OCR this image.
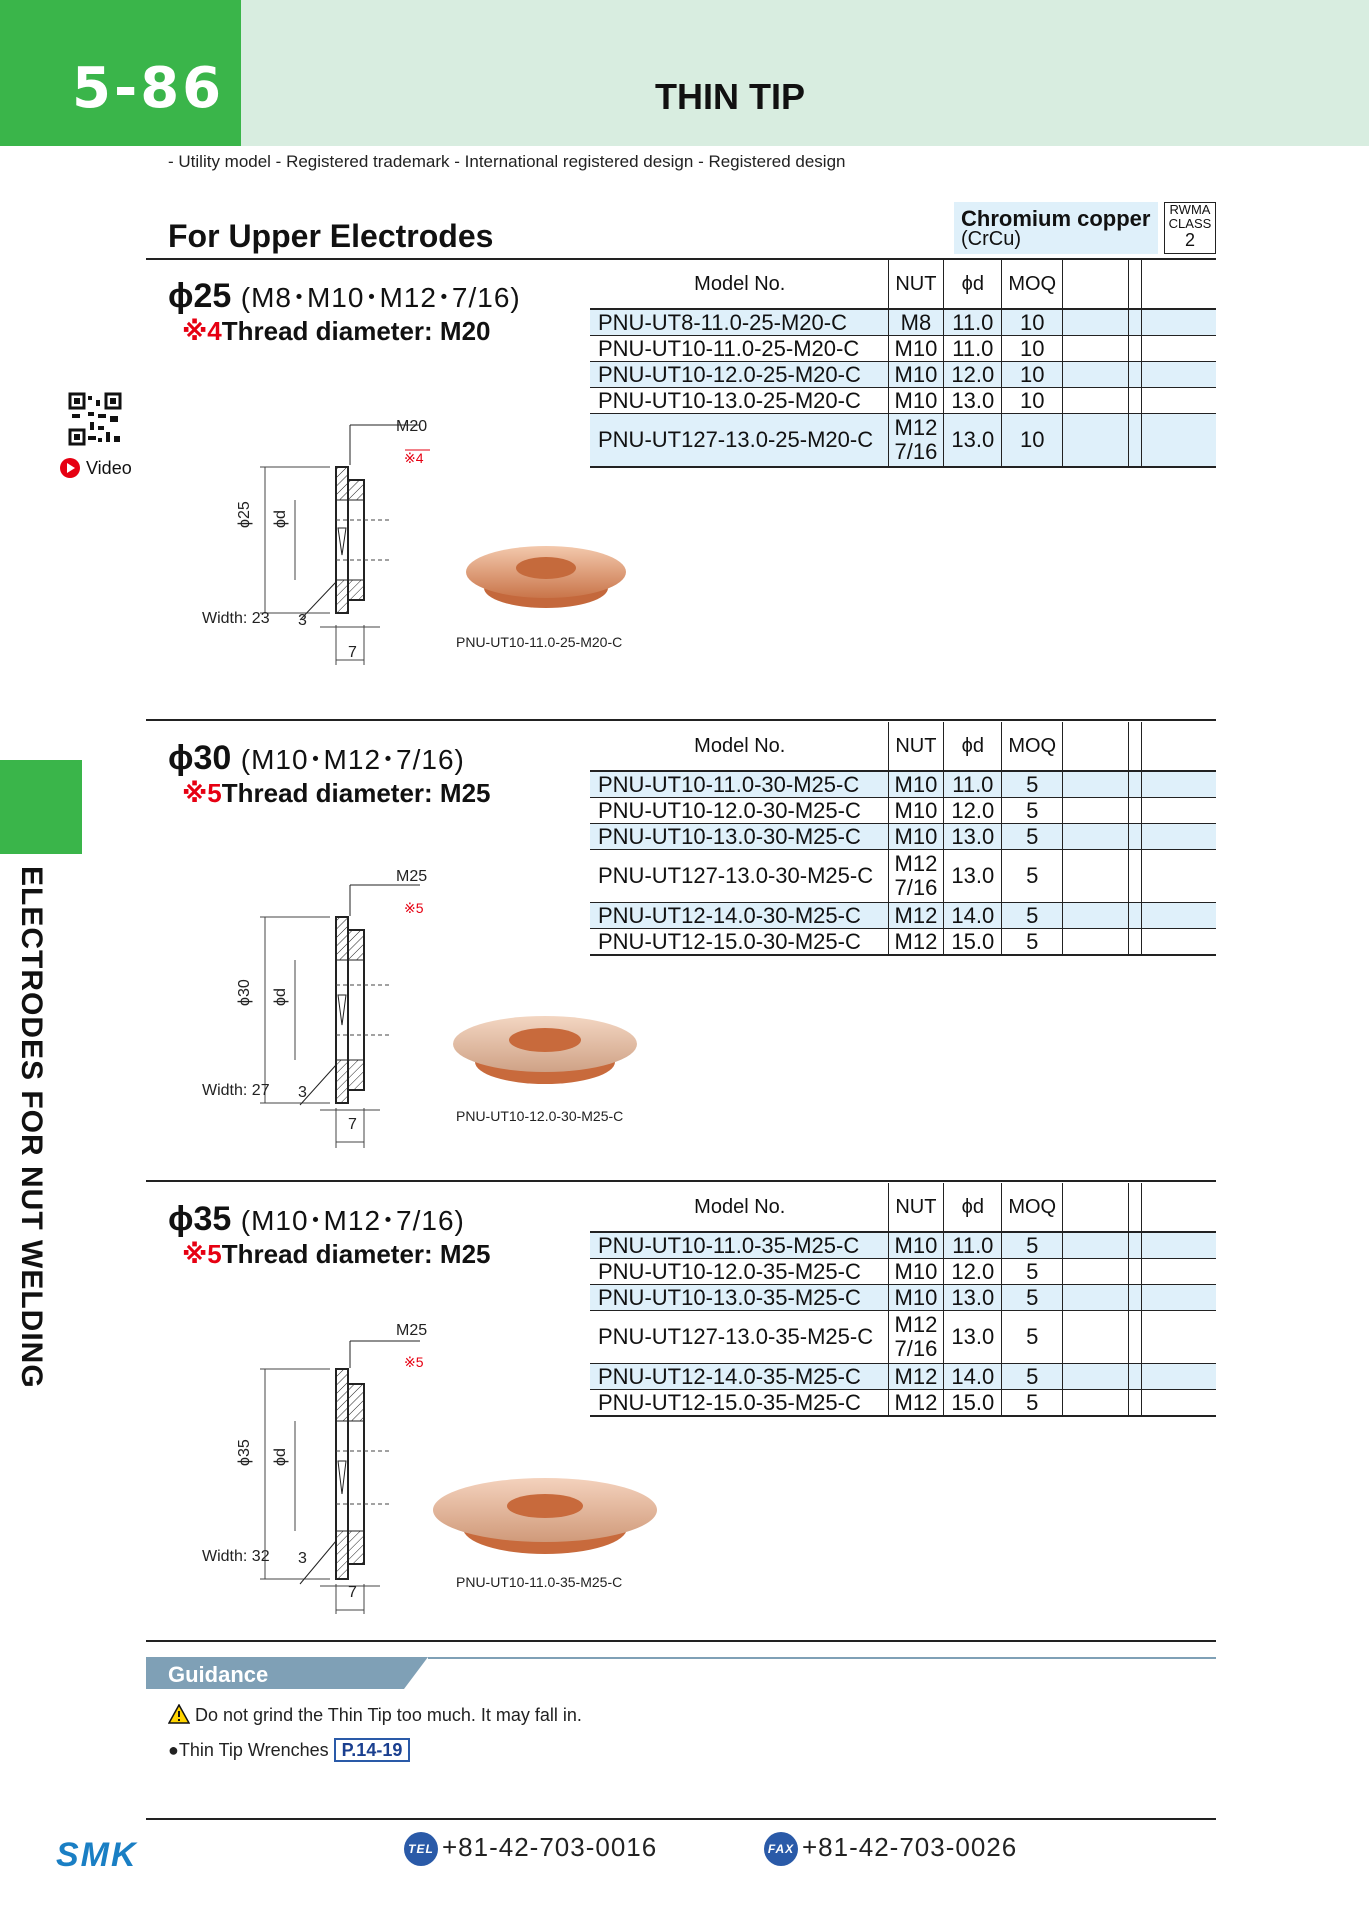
5-86	THIN TIP
- Utility model - Registered trademark - International registered design - Registered design
For Upper Electrodes	Chromium copper
(CrCu)
RWMA
CLASS
2
Video
ELECTRODES FOR NUT WELDING
ϕ25 (M8･M10･M12･7/16)
※4Thread diameter: M20
Model No.	NUT	ϕd	MOQ			
PNU-UT8-11.0-25-M20-C	M8	11.0	10			
PNU-UT10-11.0-25-M20-C	M10	11.0	10			
PNU-UT10-12.0-25-M20-C	M10	12.0	10			
PNU-UT10-13.0-25-M20-C	M10	13.0	10			
PNU-UT127-13.0-25-M20-C	M12
7/16	13.0	10			
M20
※4
ϕ25 ϕd
Width: 23 3
7
PNU-UT10-11.0-25-M20-C
ϕ30 (M10･M12･7/16)
※5Thread diameter: M25
Model No.	NUT	ϕd	MOQ			
PNU-UT10-11.0-30-M25-C	M10	11.0	5			
PNU-UT10-12.0-30-M25-C	M10	12.0	5			
PNU-UT10-13.0-30-M25-C	M10	13.0	5			
PNU-UT127-13.0-30-M25-C	M12
7/16	13.0	5			
PNU-UT12-14.0-30-M25-C	M12	14.0	5			
PNU-UT12-15.0-30-M25-C	M12	15.0	5			
M25
※5
ϕ30 ϕd
Width: 27 3
7	PNU-UT10-12.0-30-M25-C
ϕ35 (M10･M12･7/16)
※5Thread diameter: M25
Model No.	NUT	ϕd	MOQ			
PNU-UT10-11.0-35-M25-C	M10	11.0	5			
PNU-UT10-12.0-35-M25-C	M10	12.0	5			
PNU-UT10-13.0-35-M25-C	M10	13.0	5			
PNU-UT127-13.0-35-M25-C	M12
7/16	13.0	5			
PNU-UT12-14.0-35-M25-C	M12	14.0	5			
PNU-UT12-15.0-35-M25-C	M12	15.0	5			
M25
※5
ϕ35 ϕd
Width: 32 3
7
PNU-UT10-11.0-35-M25-C
Guidance
Do not grind the Thin Tip too much. It may fall in.
●Thin Tip Wrenches P.14-19
SMK	TEL +81-42-703-0016	FAX +81-42-703-0026
